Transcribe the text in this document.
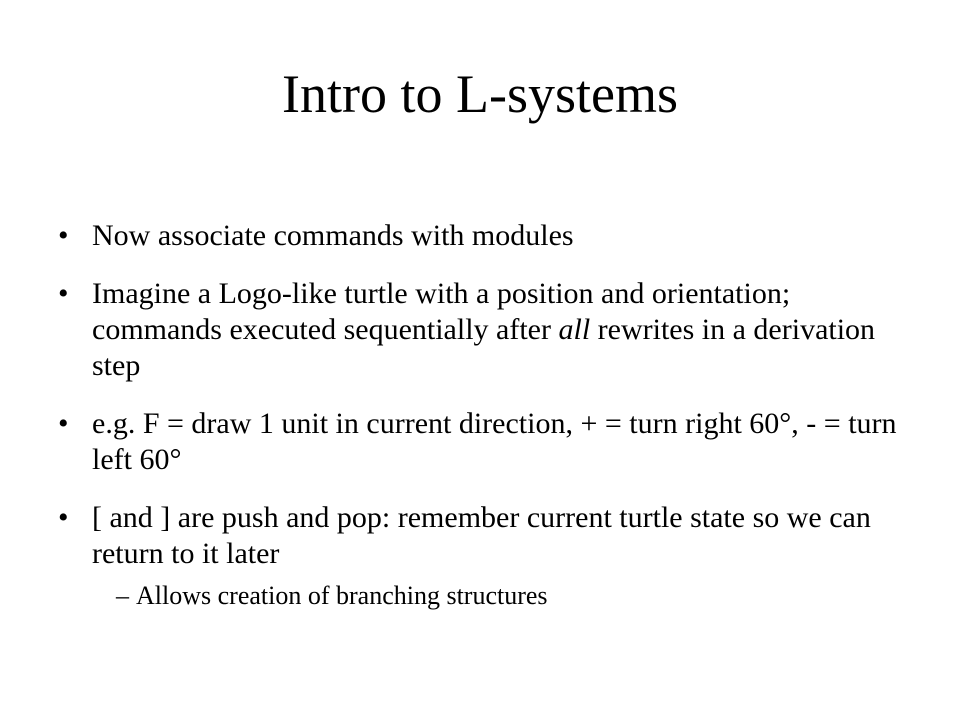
Intro to L-systems
• Now associate commands with modules
• Imagine a Logo-like turtle with a position and orientation; commands executed sequentially after all rewrites in a derivation step
• e.g. F = draw 1 unit in current direction, + = turn right 60°, - = turn left 60°
• [ and ] are push and pop: remember current turtle state so we can return to it later
– Allows creation of branching structures
